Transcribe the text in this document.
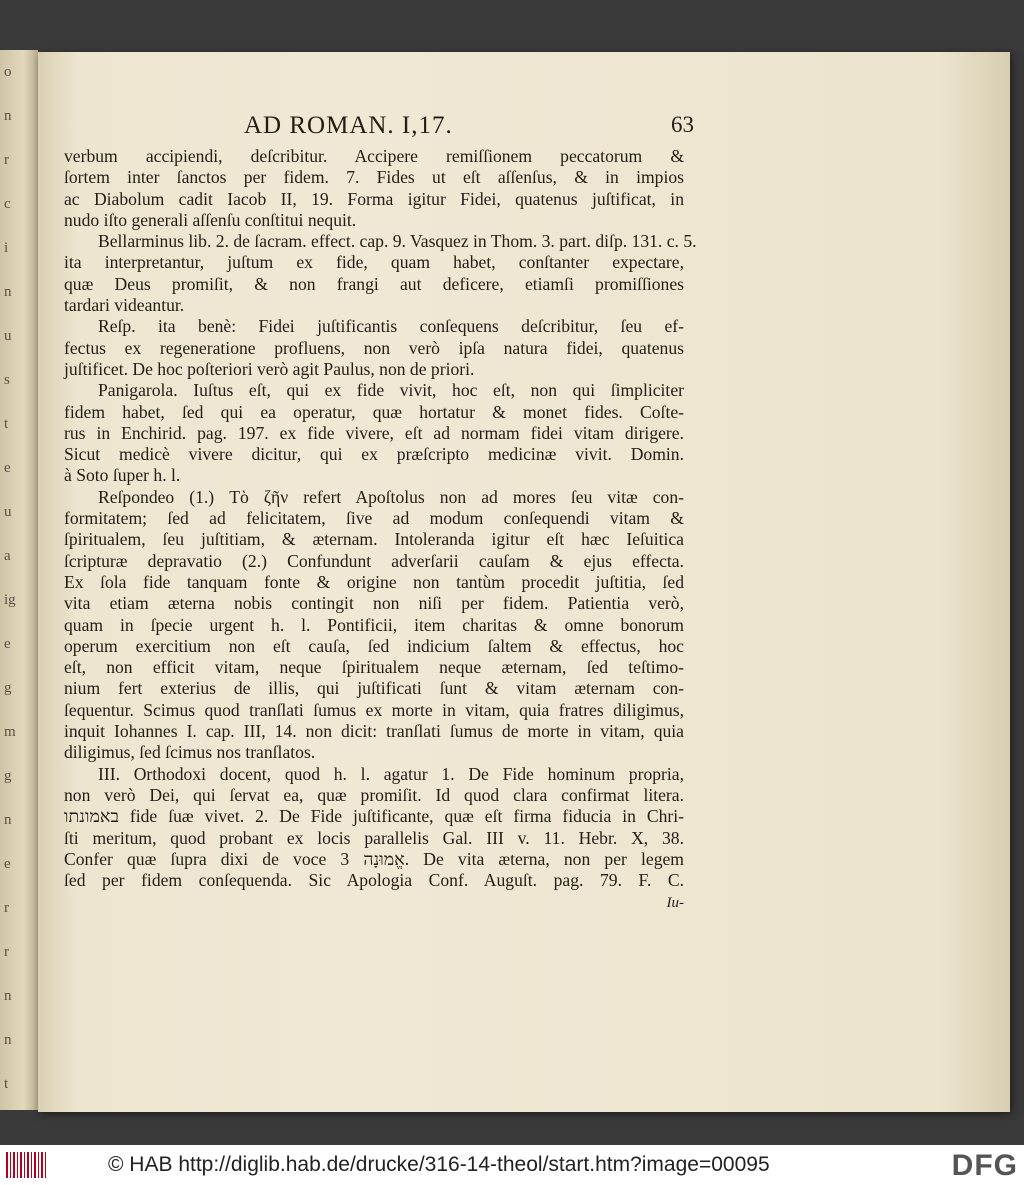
o
n
r
c
i
n
u
s
t
e
u
a
ig
e
g
m
g
n
e
r
r
n
n
t
AD ROMAN. I,17.	63
verbum accipiendi, deſcribitur. Accipere remiſſionem peccatorum &
ſortem inter ſanctos per fidem. 7. Fides ut eſt aſſenſus, & in impios
ac Diabolum cadit Iacob II, 19. Forma igitur Fidei, quatenus juſtificat, in
nudo iſto generali aſſenſu conſtitui nequit.
Bellarminus lib. 2. de ſacram. effect. cap. 9. Vasquez in Thom. 3. part. diſp. 131. c. 5.
ita interpretantur, juſtum ex fide, quam habet, conſtanter expectare,
quæ Deus promiſit, & non frangi aut deficere, etiamſi promiſſiones
tardari videantur.
Reſp. ita benè: Fidei juſtificantis conſequens deſcribitur, ſeu ef-
fectus ex regeneratione profluens, non verò ipſa natura fidei, quatenus
juſtificet. De hoc poſteriori verò agit Paulus, non de priori.
Panigarola. Iuſtus eſt, qui ex fide vivit, hoc eſt, non qui ſimpliciter
fidem habet, ſed qui ea operatur, quæ hortatur & monet fides. Coſte-
rus in Enchirid. pag. 197. ex fide vivere, eſt ad normam fidei vitam dirigere.
Sicut medicè vivere dicitur, qui ex præſcripto medicinæ vivit. Domin.
à Soto ſuper h. l.
Reſpondeo (1.) Τὸ ζῆν refert Apoſtolus non ad mores ſeu vitæ con-
formitatem; ſed ad felicitatem, ſive ad modum conſequendi vitam &
ſpiritualem, ſeu juſtitiam, & æternam. Intoleranda igitur eſt hæc Ieſuitica
ſcripturæ depravatio (2.) Confundunt adverſarii cauſam & ejus effecta.
Ex ſola fide tanquam fonte & origine non tantùm procedit juſtitia, ſed
vita etiam æterna nobis contingit non niſi per fidem. Patientia verò,
quam in ſpecie urgent h. l. Pontificii, item charitas & omne bonorum
operum exercitium non eſt cauſa, ſed indicium ſaltem & effectus, hoc
eſt, non efficit vitam, neque ſpiritualem neque æternam, ſed teſtimo-
nium fert exterius de illis, qui juſtificati ſunt & vitam æternam con-
ſequentur. Scimus quod tranſlati ſumus ex morte in vitam, quia fratres diligimus,
inquit Iohannes I. cap. III, 14. non dicit: tranſlati ſumus de morte in vitam, quia
diligimus, ſed ſcimus nos tranſlatos.
III. Orthodoxi docent, quod h. l. agatur 1. De Fide hominum propria,
non verò Dei, qui ſervat ea, quæ promiſit. Id quod clara confirmat litera.
באמונתו fide ſuæ vivet. 2. De Fide juſtificante, quæ eſt firma fiducia in Chri-
ſti meritum, quod probant ex locis parallelis Gal. III v. 11. Hebr. X, 38.
Confer quæ ſupra dixi de voce אֱמוּנָה 3. De vita æterna, non per legem
ſed per fidem conſequenda. Sic Apologia Conf. Auguſt. pag. 79. F. C.
Iu-
© HAB http://diglib.hab.de/drucke/316-14-theol/start.htm?image=00095	DFG
